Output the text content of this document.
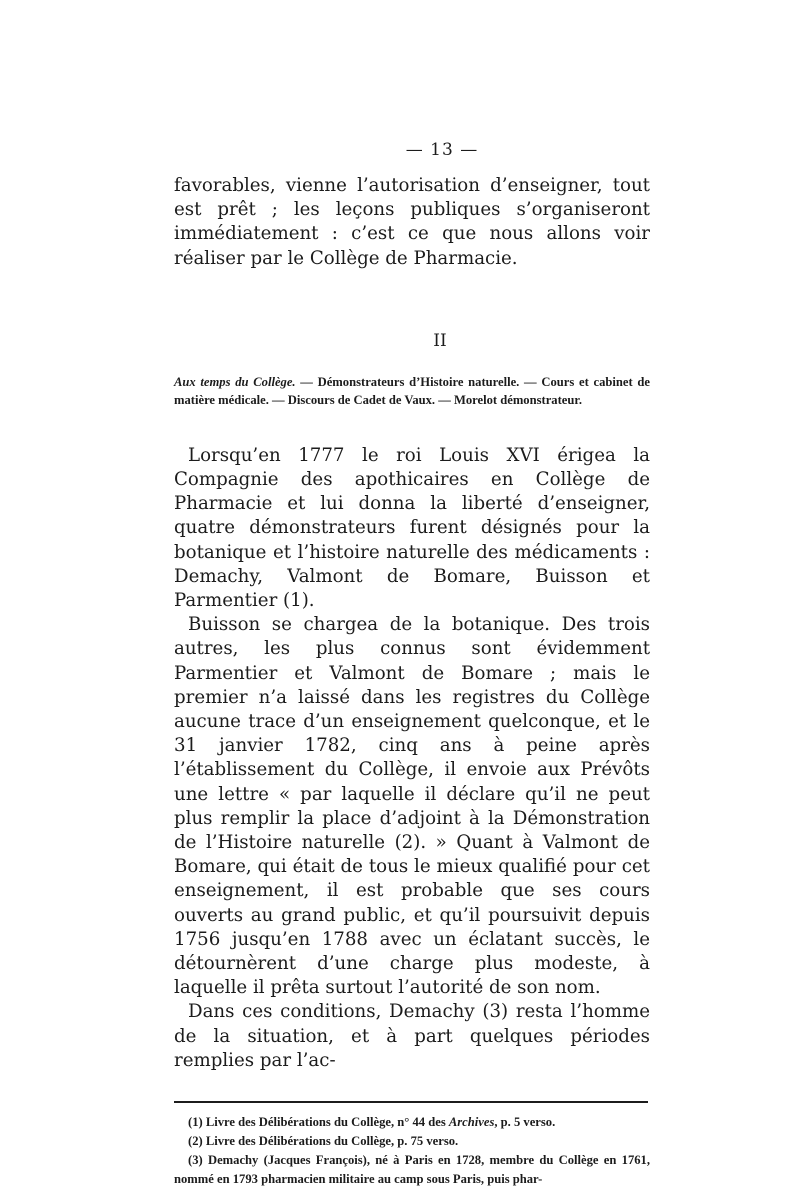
— 13 —

favorables, vienne l’autorisation d’enseigner, tout est prêt ; les leçons publiques s’organiseront immédiatement : c’est ce que nous allons voir réaliser par le Collège de Pharmacie.

II

Aux temps du Collège. — Démonstrateurs d’Histoire naturelle. — Cours et cabinet de matière médicale. — Discours de Cadet de Vaux. — Morelot démonstrateur.

Lorsqu’en 1777 le roi Louis XVI érigea la Compagnie des apothicaires en Collège de Pharmacie et lui donna la liberté d’enseigner, quatre démonstrateurs furent désignés pour la botanique et l’histoire naturelle des médicaments : Demachy, Valmont de Bomare, Buisson et Parmentier (1).

Buisson se chargea de la botanique. Des trois autres, les plus connus sont évidemment Parmentier et Valmont de Bomare ; mais le premier n’a laissé dans les registres du Collège aucune trace d’un enseignement quelconque, et le 31 janvier 1782, cinq ans à peine après l’établissement du Collège, il envoie aux Prévôts une lettre « par laquelle il déclare qu’il ne peut plus remplir la place d’adjoint à la Démonstration de l’Histoire naturelle (2). » Quant à Valmont de Bomare, qui était de tous le mieux qualifié pour cet enseignement, il est probable que ses cours ouverts au grand public, et qu’il poursuivit depuis 1756 jusqu’en 1788 avec un éclatant succès, le détournèrent d’une charge plus modeste, à laquelle il prêta surtout l’autorité de son nom.

Dans ces conditions, Demachy (3) resta l’homme de la situation, et à part quelques périodes remplies par l’ac-

(1) Livre des Délibérations du Collège, n° 44 des Archives, p. 5 verso.

(2) Livre des Délibérations du Collège, p. 75 verso.

(3) Demachy (Jacques François), né à Paris en 1728, membre du Collège en 1761, nommé en 1793 pharmacien militaire au camp sous Paris, puis phar-
